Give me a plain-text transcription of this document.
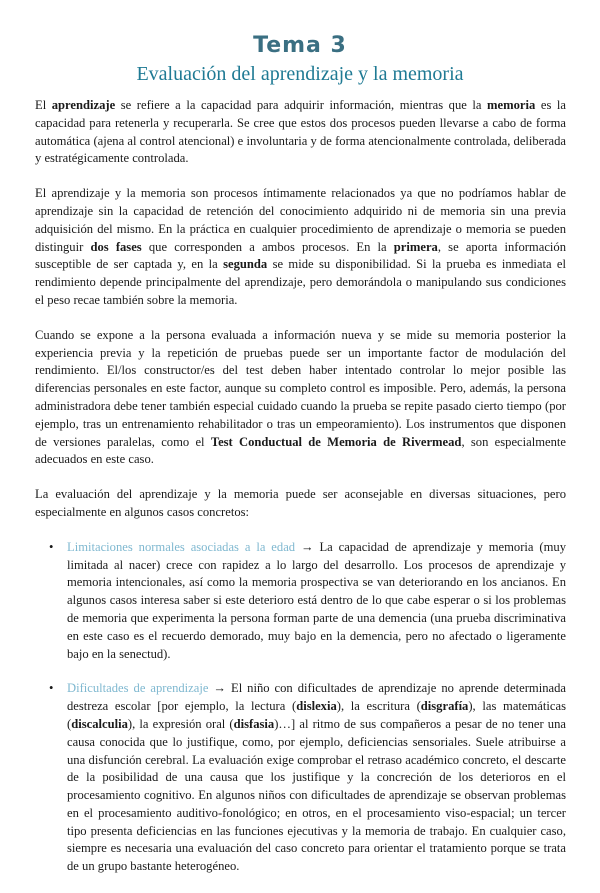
Tema 3
Evaluación del aprendizaje y la memoria

El aprendizaje se refiere a la capacidad para adquirir información, mientras que la memoria es la capacidad para retenerla y recuperarla. Se cree que estos dos procesos pueden llevarse a cabo de forma automática (ajena al control atencional) e involuntaria y de forma atencionalmente controlada, deliberada y estratégicamente controlada.

El aprendizaje y la memoria son procesos íntimamente relacionados ya que no podríamos hablar de aprendizaje sin la capacidad de retención del conocimiento adquirido ni de memoria sin una previa adquisición del mismo. En la práctica en cualquier procedimiento de aprendizaje o memoria se pueden distinguir dos fases que corresponden a ambos procesos. En la primera, se aporta información susceptible de ser captada y, en la segunda se mide su disponibilidad. Si la prueba es inmediata el rendimiento depende principalmente del aprendizaje, pero demorándola o manipulando sus condiciones el peso recae también sobre la memoria.

Cuando se expone a la persona evaluada a información nueva y se mide su memoria posterior la experiencia previa y la repetición de pruebas puede ser un importante factor de modulación del rendimiento. El/los constructor/es del test deben haber intentado controlar lo mejor posible las diferencias personales en este factor, aunque su completo control es imposible. Pero, además, la persona administradora debe tener también especial cuidado cuando la prueba se repite pasado cierto tiempo (por ejemplo, tras un entrenamiento rehabilitador o tras un empeoramiento). Los instrumentos que disponen de versiones paralelas, como el Test Conductual de Memoria de Rivermead, son especialmente adecuados en este caso.

La evaluación del aprendizaje y la memoria puede ser aconsejable en diversas situaciones, pero especialmente en algunos casos concretos:

• Limitaciones normales asociadas a la edad → La capacidad de aprendizaje y memoria (muy limitada al nacer) crece con rapidez a lo largo del desarrollo. Los procesos de aprendizaje y memoria intencionales, así como la memoria prospectiva se van deteriorando en los ancianos. En algunos casos interesa saber si este deterioro está dentro de lo que cabe esperar o si los problemas de memoria que experimenta la persona forman parte de una demencia (una prueba discriminativa en este caso es el recuerdo demorado, muy bajo en la demencia, pero no afectado o ligeramente bajo en la senectud).
• Dificultades de aprendizaje → El niño con dificultades de aprendizaje no aprende determinada destreza escolar [por ejemplo, la lectura (dislexia), la escritura (disgrafía), las matemáticas (discalculia), la expresión oral (disfasia)…] al ritmo de sus compañeros a pesar de no tener una causa conocida que lo justifique, como, por ejemplo, deficiencias sensoriales. Suele atribuirse a una disfunción cerebral. La evaluación exige comprobar el retraso académico concreto, el descarte de la posibilidad de una causa que los justifique y la concreción de los deterioros en el procesamiento cognitivo. En algunos niños con dificultades de aprendizaje se observan problemas en el procesamiento auditivo-fonológico; en otros, en el procesamiento viso-espacial; un tercer tipo presenta deficiencias en las funciones ejecutivas y la memoria de trabajo. En cualquier caso, siempre es necesaria una evaluación del caso concreto para orientar el tratamiento porque se trata de un grupo bastante heterogéneo.
